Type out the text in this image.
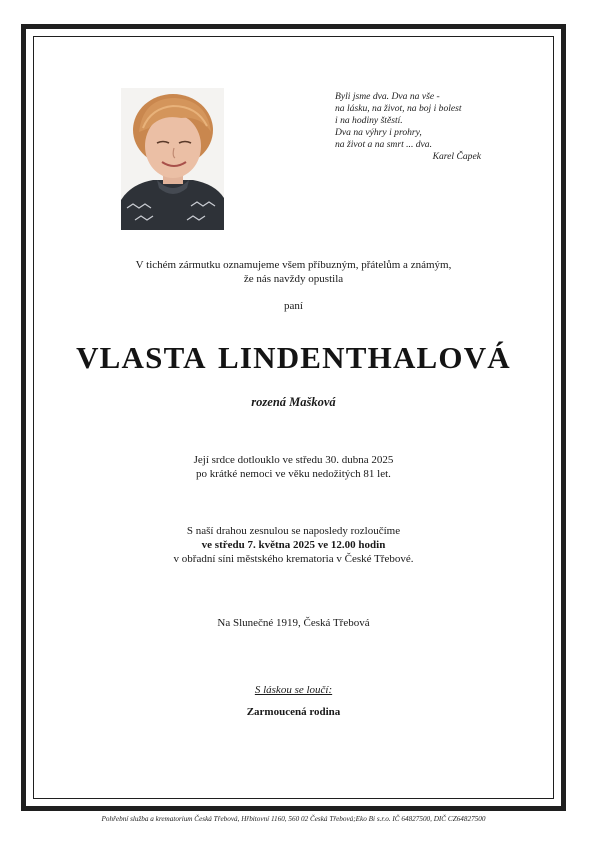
Byli jsme dva. Dva na vše -
na lásku, na život, na boj i bolest
i na hodiny štěstí.
Dva na výhry i prohry,
na život a na smrt ... dva.
Karel Čapek
V tichém zármutku oznamujeme všem příbuzným, přátelům a známým,
že nás navždy opustila
paní
VLASTA LINDENTHALOVÁ
rozená Mašková
Její srdce dotlouklo ve středu 30. dubna 2025
po krátké nemoci ve věku nedožitých 81 let.
S naší drahou zesnulou se naposledy rozloučíme
ve středu 7. května 2025 ve 12.00 hodin
v obřadní síni městského krematoria v České Třebové.
Na Slunečné 1919, Česká Třebová
S láskou se loučí:
Zarmoucená rodina
Pohřební služba a krematorium Česká Třebová, Hřbitovní 1160, 560 02 Česká Třebová;Eko Bi s.r.o. IČ 64827500, DIČ CZ64827500
